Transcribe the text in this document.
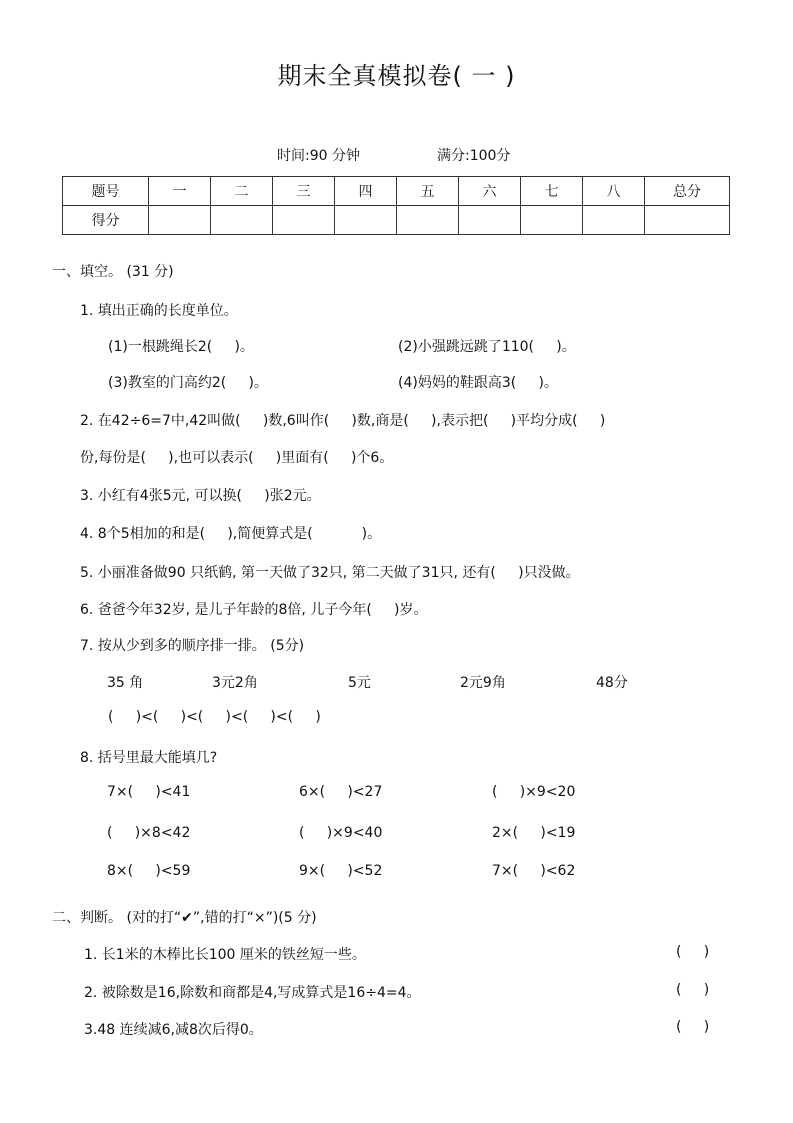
期末全真模拟卷( 一 )
时间:90 分钟	满分:100分
题号	一	二	三	四	五	六	七	八	总分
得分									
一、填空。 (31 分)
1. 填出正确的长度单位。
(1)一根跳绳长2(     )。	(2)小强跳远跳了110(     )。
(3)教室的门高约2(     )。	(4)妈妈的鞋跟高3(     )。
2. 在42÷6=7中,42叫做(     )数,6叫作(     )数,商是(     ),表示把(     )平均分成(     )
份,每份是(     ),也可以表示(     )里面有(     )个6。
3. 小红有4张5元, 可以换(     )张2元。
4. 8个5相加的和是(     ),简便算式是(           )。
5. 小丽准备做90 只纸鹤, 第一天做了32只, 第二天做了31只, 还有(     )只没做。
6. 爸爸今年32岁, 是儿子年龄的8倍, 儿子今年(     )岁。
7. 按从少到多的顺序排一排。 (5分)
35 角	3元2角	5元	2元9角	48分
(     )<(     )<(     )<(     )<(     )
8. 括号里最大能填几?
7×(     )<41	6×(     )<27	(     )×9<20
(     )×8<42	(     )×9<40	2×(     )<19
8×(     )<59	9×(     )<52	7×(     )<62
二、判断。 (对的打“✔”,错的打“×”)(5 分)
1. 长1米的木棒比长100 厘米的铁丝短一些。	(     )
2. 被除数是16,除数和商都是4,写成算式是16÷4=4。	(     )
3.48 连续减6,减8次后得0。	(     )
